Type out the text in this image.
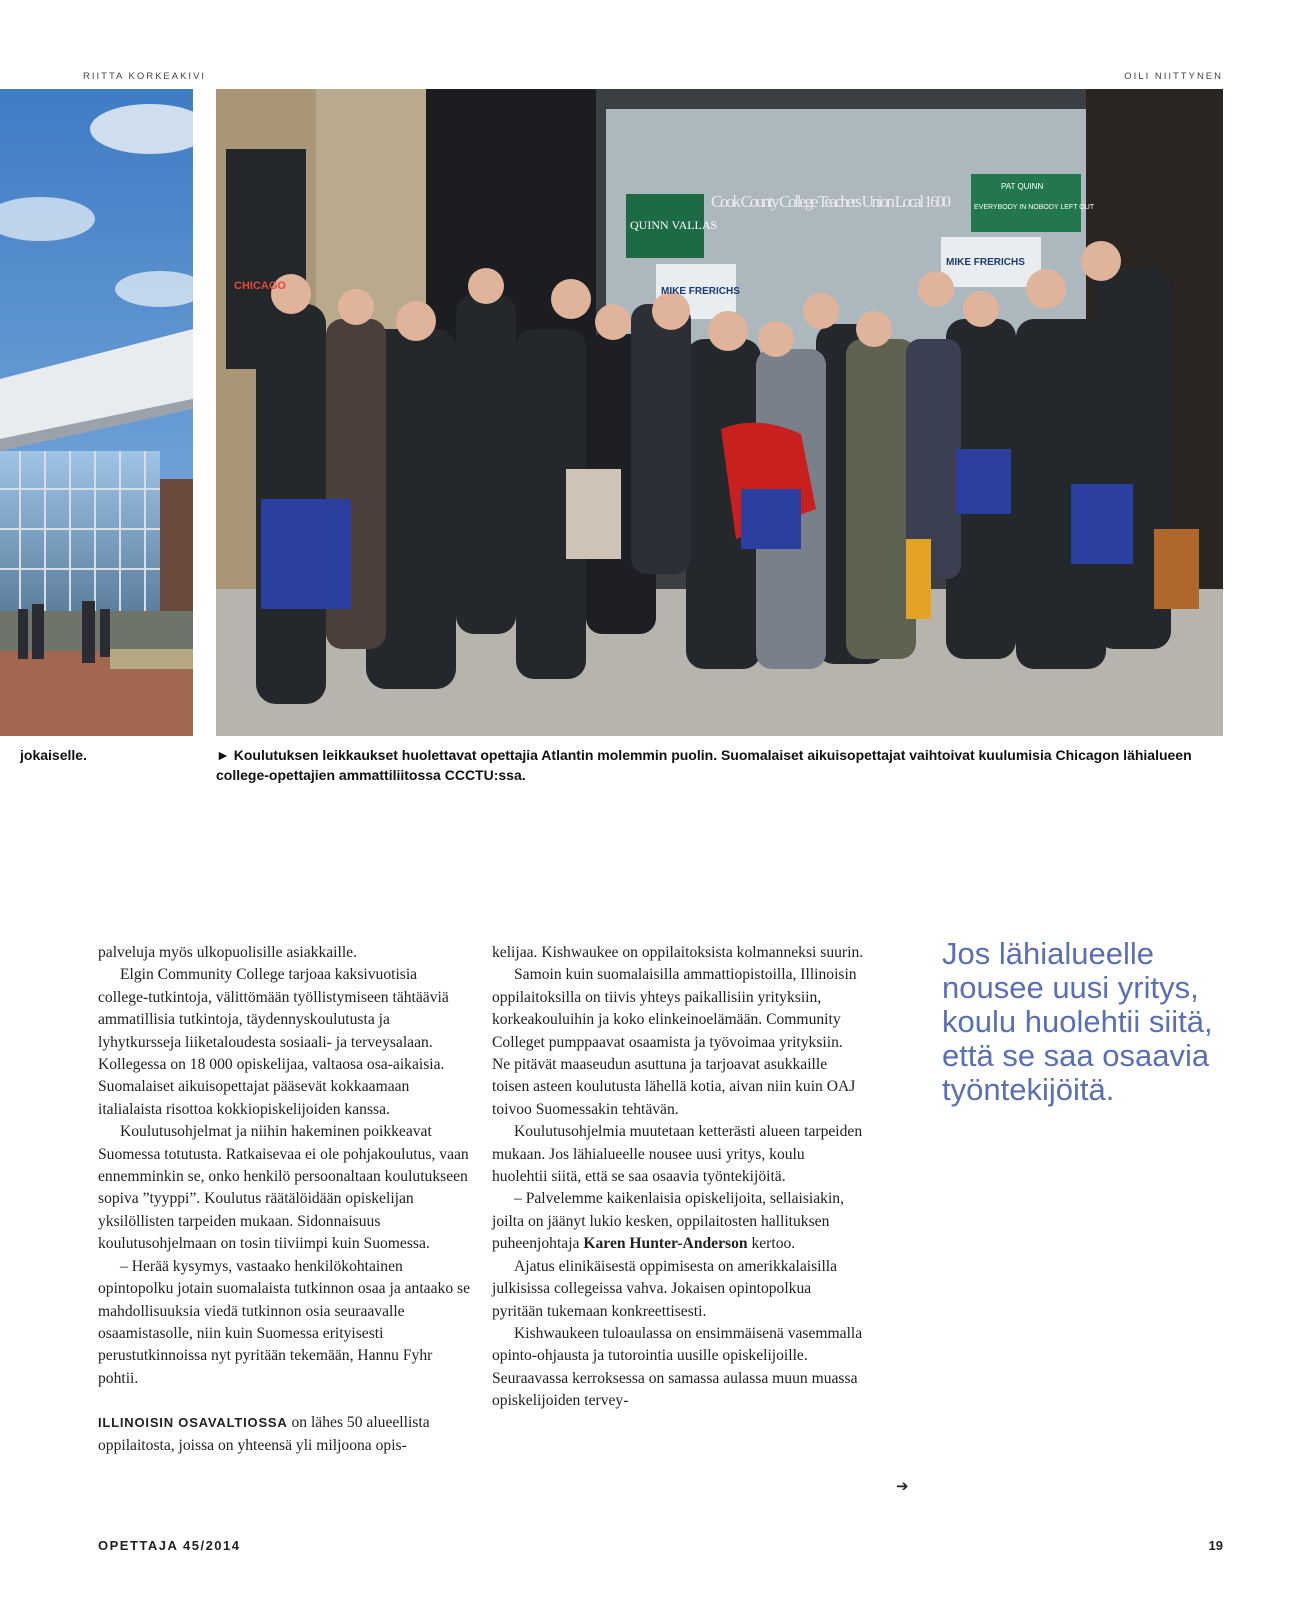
RIITTA KORKEAKIVI	OILI NIITTYNEN
Cook County College Teachers Union Local 1600
QUINN VALLAS
PAT QUINN
EVERYBODY IN NOBODY LEFT OUT
MIKE FRERICHS
MIKE FRERICHS
CHICAGO
jokaiselle.	► Koulutuksen leikkaukset huolettavat opettajia Atlantin molemmin puolin. Suomalaiset aikuisopettajat vaihtoivat kuulumisia Chicagon lähialueen college-opettajien ammattiliitossa CCCTU:ssa.

palveluja myös ulkopuolisille asiakkaille.

Elgin Community College tarjoaa kaksivuotisia college-tutkintoja, välittömään työllistymiseen tähtääviä ammatillisia tutkintoja, täydennyskoulutusta ja lyhytkursseja liiketaloudesta sosiaali- ja terveysalaan. Kollegessa on 18 000 opiskelijaa, valtaosa osa-aikaisia. Suomalaiset aikuisopettajat pääsevät kokkaamaan italialaista risottoa kokkiopiskelijoiden kanssa.

Koulutusohjelmat ja niihin hakeminen poikkeavat Suomessa totutusta. Ratkaisevaa ei ole pohjakoulutus, vaan ennemminkin se, onko henkilö persoonaltaan koulutukseen sopiva ”tyyppi”. Koulutus räätälöidään opiskelijan yksilöllisten tarpeiden mukaan. Sidonnaisuus koulutusohjelmaan on tosin tiiviimpi kuin Suomessa.

– Herää kysymys, vastaako henkilökohtainen opintopolku jotain suomalaista tutkinnon osaa ja antaako se mahdollisuuksia viedä tutkinnon osia seuraavalle osaamistasolle, niin kuin Suomessa erityisesti perustutkinnoissa nyt pyritään tekemään, Hannu Fyhr pohtii.

ILLINOISIN OSAVALTIOSSA on lähes 50 alueellista oppilaitosta, joissa on yhteensä yli miljoona opis-

kelijaa. Kishwaukee on oppilaitoksista kolmanneksi suurin.

Samoin kuin suomalaisilla ammattiopistoilla, Illinoisin oppilaitoksilla on tiivis yhteys paikallisiin yrityksiin, korkeakouluihin ja koko elinkeinoelämään. Community Colleget pumppaavat osaamista ja työvoimaa yrityksiin. Ne pitävät maaseudun asuttuna ja tarjoavat asukkaille toisen asteen koulutusta lähellä kotia, aivan niin kuin OAJ toivoo Suomessakin tehtävän.

Koulutusohjelmia muutetaan ketterästi alueen tarpeiden mukaan. Jos lähialueelle nousee uusi yritys, koulu huolehtii siitä, että se saa osaavia työntekijöitä.

– Palvelemme kaikenlaisia opiskelijoita, sellaisiakin, joilta on jäänyt lukio kesken, oppilaitosten hallituksen puheenjohtaja Karen Hunter-Anderson kertoo.

Ajatus elinikäisestä oppimisesta on amerikkalaisilla julkisissa collegeissa vahva. Jokaisen opintopolkua pyritään tukemaan konkreettisesti.

Kishwaukeen tuloaulassa on ensimmäisenä vasemmalla opinto-ohjausta ja tutorointia uusille opiskelijoille. Seuraavassa kerroksessa on samassa aulassa muun muassa opiskelijoiden tervey-

Jos lähialueelle nousee uusi yritys, koulu huolehtii siitä, että se saa osaavia työntekijöitä.
➔
OPETTAJA 45/2014	19
